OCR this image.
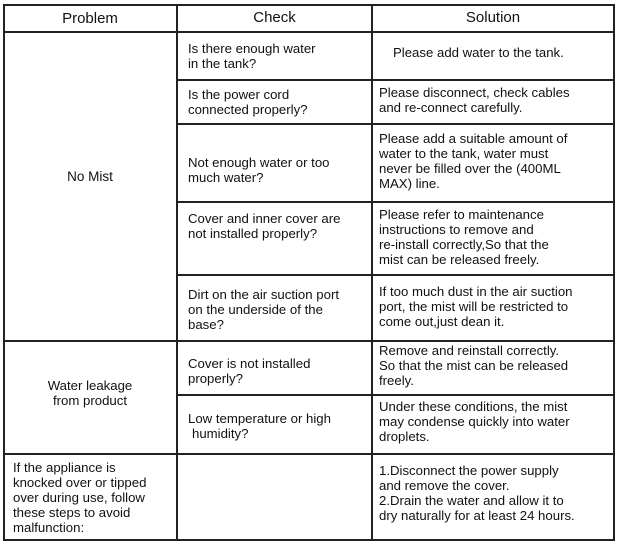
Problem	Check	Solution
No Mist
Is there enough water
in the tank?
Please add water to the tank.
Is the power cord
connected properly?
Please disconnect, check cables
and re-connect carefully.
Not enough water or too
much water?
Please add a suitable amount of
water to the tank, water must
never be filled over the (400ML
MAX) line.
Cover and inner cover are
not installed properly?
Please refer to maintenance
instructions to remove and
re-install correctly,So that the
mist can be released freely.
Dirt on the air suction port
on the underside of the
base?
If too much dust in the air suction
port, the mist will be restricted to
come out,just dean it.
Water leakage
from product
Cover is not installed
properly?
Remove and reinstall correctly.
So that the mist can be released
freely.
Low temperature or high
humidity?
Under these conditions, the mist
may condense quickly into water
droplets.
If the appliance is
knocked over or tipped
over during use, follow
these steps to avoid
malfunction:
1.Disconnect the power supply
and remove the cover.
2.Drain the water and allow it to
dry naturally for at least 24 hours.
